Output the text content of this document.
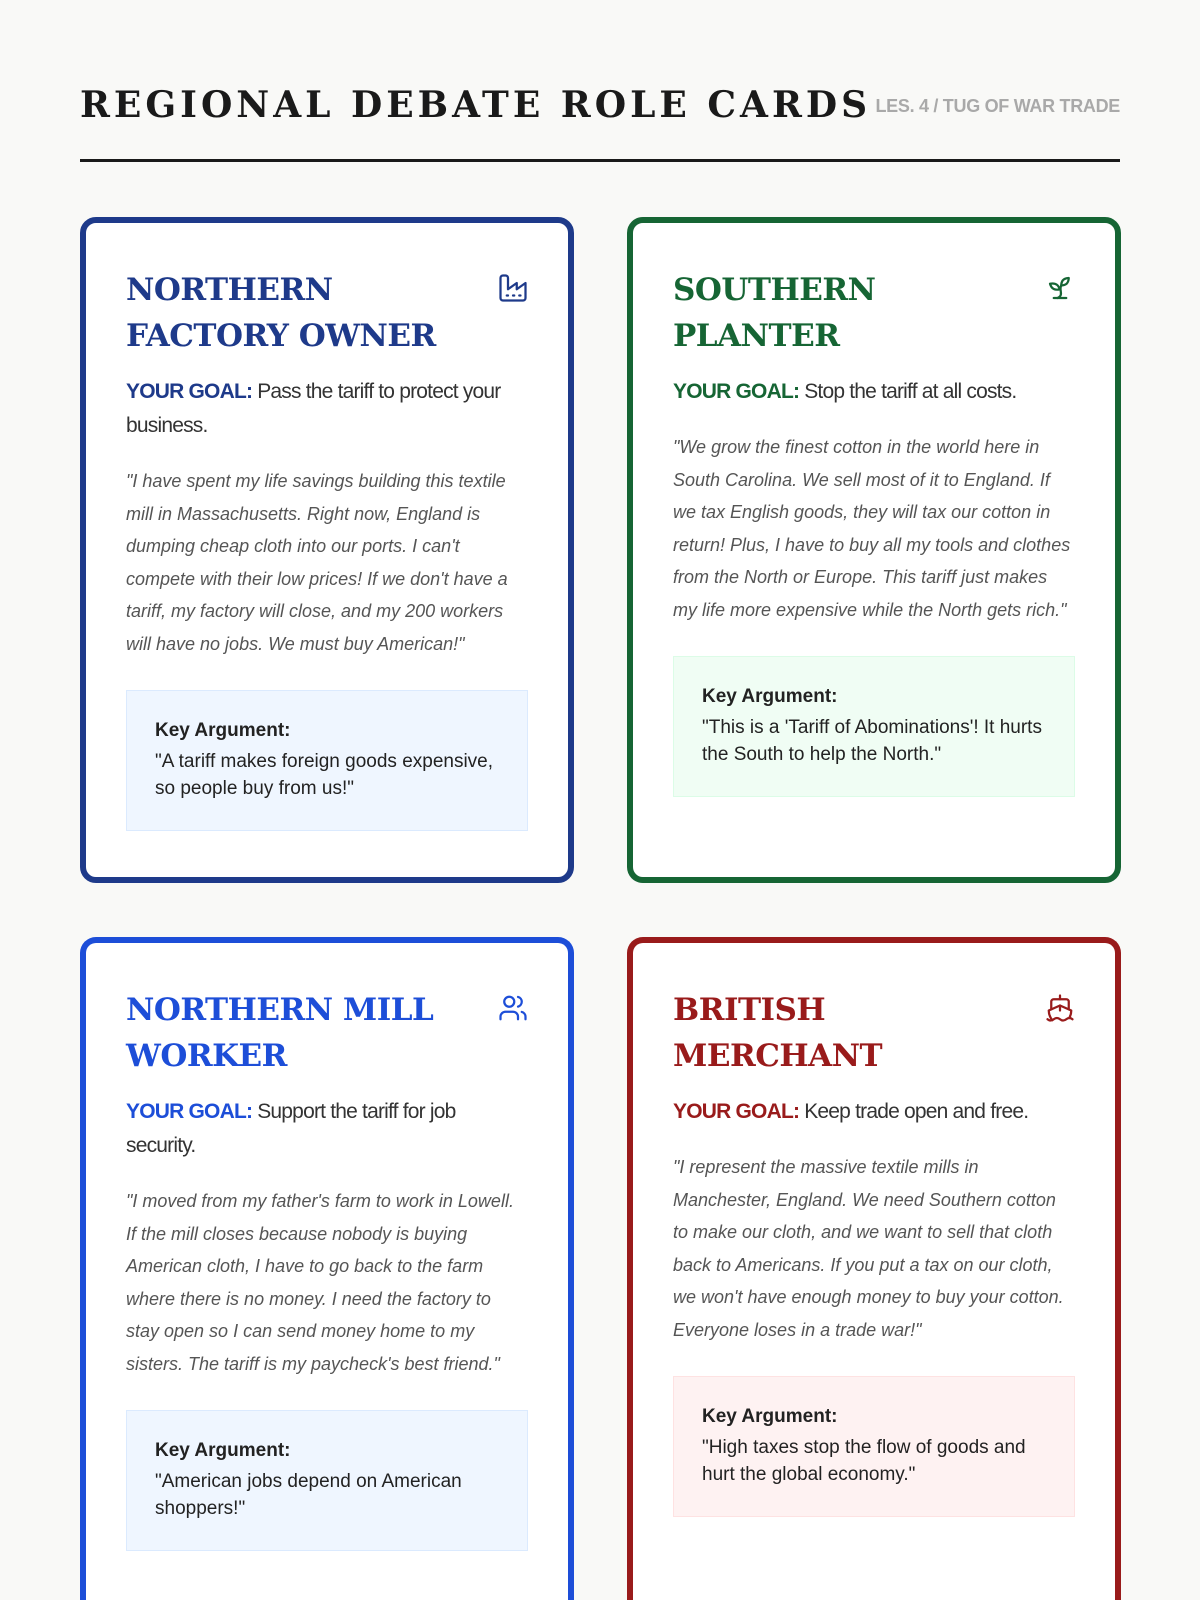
REGIONAL DEBATE ROLE CARDS LES. 4 / TUG OF WAR TRADE
NORTHERN FACTORY OWNER
YOUR GOAL: Pass the tariff to protect your business.
"I have spent my life savings building this textile mill in Massachusetts. Right now, England is dumping cheap cloth into our ports. I can't compete with their low prices! If we don't have a tariff, my factory will close, and my 200 workers will have no jobs. We must buy American!"
Key Argument:
"A tariff makes foreign goods expensive, so people buy from us!"
SOUTHERN PLANTER
YOUR GOAL: Stop the tariff at all costs.
"We grow the finest cotton in the world here in South Carolina. We sell most of it to England. If we tax English goods, they will tax our cotton in return! Plus, I have to buy all my tools and clothes from the North or Europe. This tariff just makes my life more expensive while the North gets rich."
Key Argument:
"This is a 'Tariff of Abominations'! It hurts the South to help the North."
NORTHERN MILL WORKER
YOUR GOAL: Support the tariff for job security.
"I moved from my father's farm to work in Lowell. If the mill closes because nobody is buying American cloth, I have to go back to the farm where there is no money. I need the factory to stay open so I can send money home to my sisters. The tariff is my paycheck's best friend."
Key Argument:
"American jobs depend on American shoppers!"
BRITISH MERCHANT
YOUR GOAL: Keep trade open and free.
"I represent the massive textile mills in Manchester, England. We need Southern cotton to make our cloth, and we want to sell that cloth back to Americans. If you put a tax on our cloth, we won't have enough money to buy your cotton. Everyone loses in a trade war!"
Key Argument:
"High taxes stop the flow of goods and hurt the global economy."
